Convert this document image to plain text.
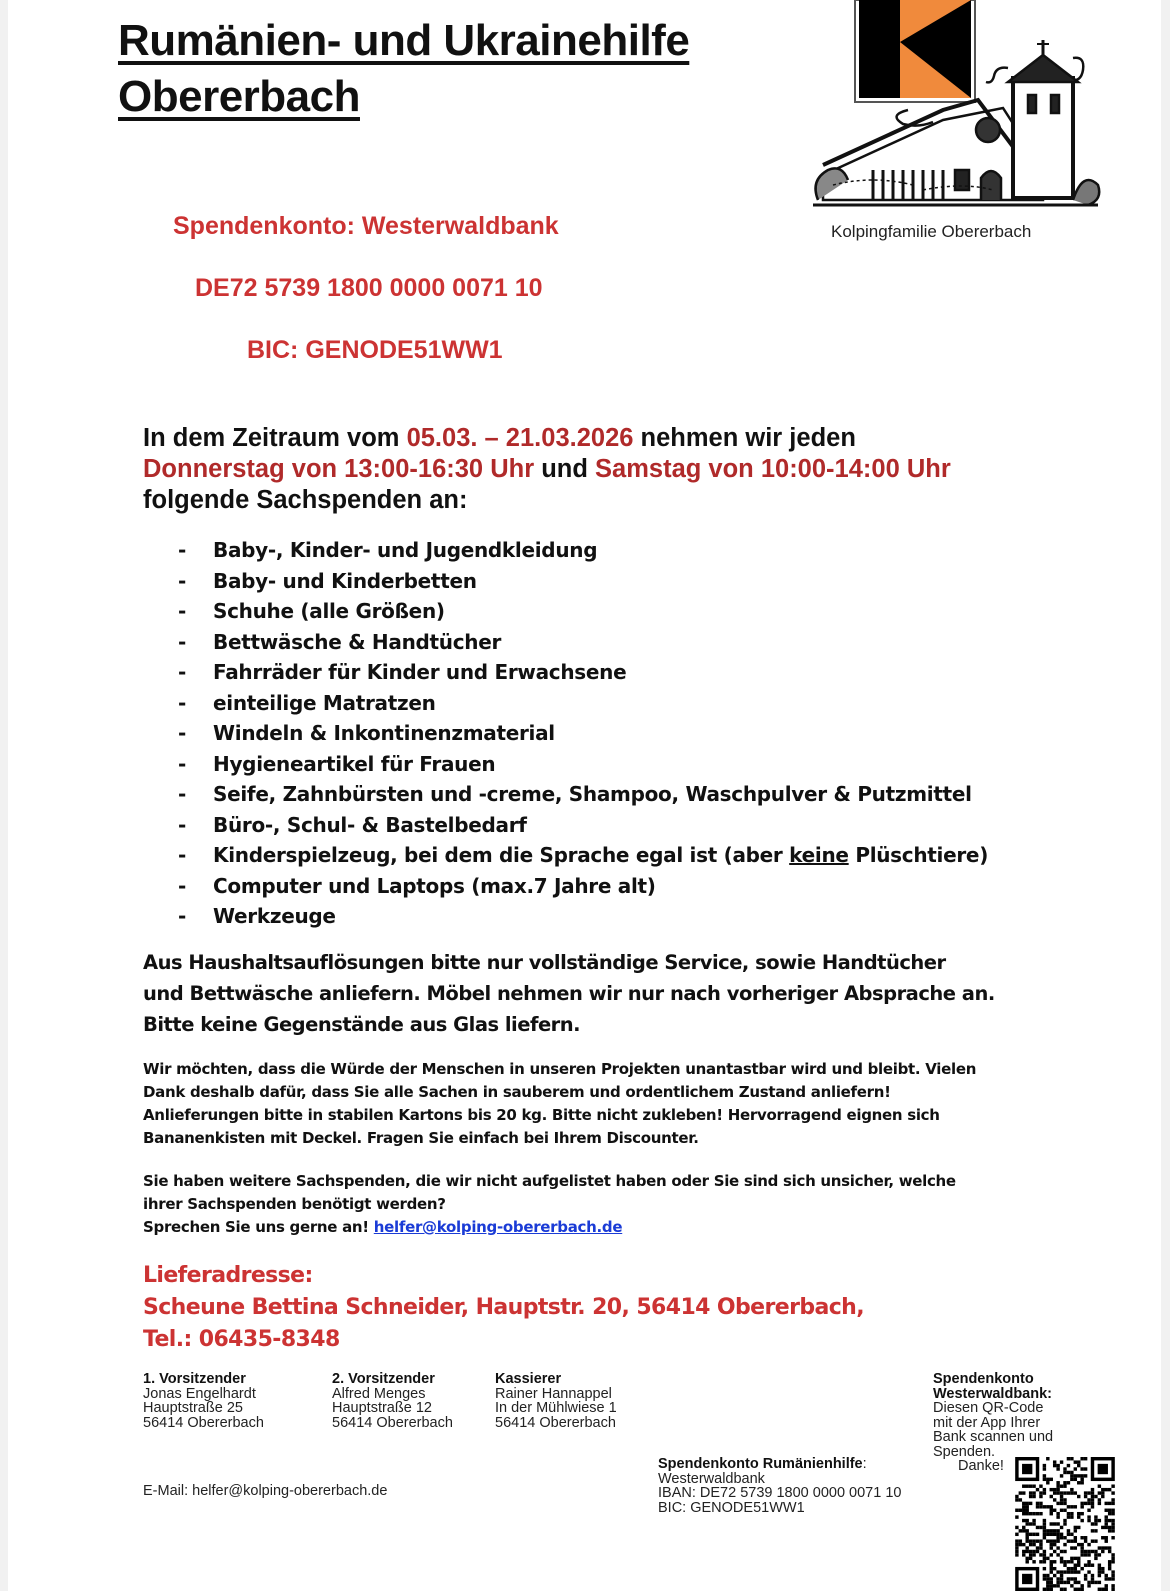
Rumänien- und Ukrainehilfe
Obererbach
Kolpingfamilie Obererbach
Spendenkonto: Westerwaldbank
DE72 5739 1800 0000 0071 10
BIC: GENODE51WW1
In dem Zeitraum vom 05.03. – 21.03.2026 nehmen wir jeden
Donnerstag von 13:00-16:30 Uhr und Samstag von 10:00-14:00 Uhr
folgende Sachspenden an:
- Baby-, Kinder- und Jugendkleidung
- Baby- und Kinderbetten
- Schuhe (alle Größen)
- Bettwäsche & Handtücher
- Fahrräder für Kinder und Erwachsene
- einteilige Matratzen
- Windeln & Inkontinenzmaterial
- Hygieneartikel für Frauen
- Seife, Zahnbürsten und -creme, Shampoo, Waschpulver & Putzmittel
- Büro-, Schul- & Bastelbedarf
- Kinderspielzeug, bei dem die Sprache egal ist (aber keine Plüschtiere)
- Computer und Laptops (max.7 Jahre alt)
- Werkzeuge
Aus Haushaltsauflösungen bitte nur vollständige Service, sowie Handtücher
und Bettwäsche anliefern. Möbel nehmen wir nur nach vorheriger Absprache an.
Bitte keine Gegenstände aus Glas liefern.
Wir möchten, dass die Würde der Menschen in unseren Projekten unantastbar wird und bleibt. Vielen
Dank deshalb dafür, dass Sie alle Sachen in sauberem und ordentlichem Zustand anliefern!
Anlieferungen bitte in stabilen Kartons bis 20 kg. Bitte nicht zukleben! Hervorragend eignen sich
Bananenkisten mit Deckel. Fragen Sie einfach bei Ihrem Discounter.
Sie haben weitere Sachspenden, die wir nicht aufgelistet haben oder Sie sind sich unsicher, welche
ihrer Sachspenden benötigt werden?
Sprechen Sie uns gerne an! helfer@kolping-obererbach.de
Lieferadresse:
Scheune Bettina Schneider, Hauptstr. 20, 56414 Obererbach,
Tel.: 06435-8348
1. Vorsitzender
Jonas Engelhardt
Hauptstraße 25
56414 Obererbach
2. Vorsitzender
Alfred Menges
Hauptstraße 12
56414 Obererbach
Kassierer
Rainer Hannappel
In der Mühlwiese 1
56414 Obererbach
E-Mail: helfer@kolping-obererbach.de
Spendenkonto Rumänienhilfe:
Westerwaldbank
IBAN: DE72 5739 1800 0000 0071 10
BIC: GENODE51WW1
Spendenkonto
Westerwaldbank:
Diesen QR-Code
mit der App Ihrer
Bank scannen und
Spenden.
Danke!
